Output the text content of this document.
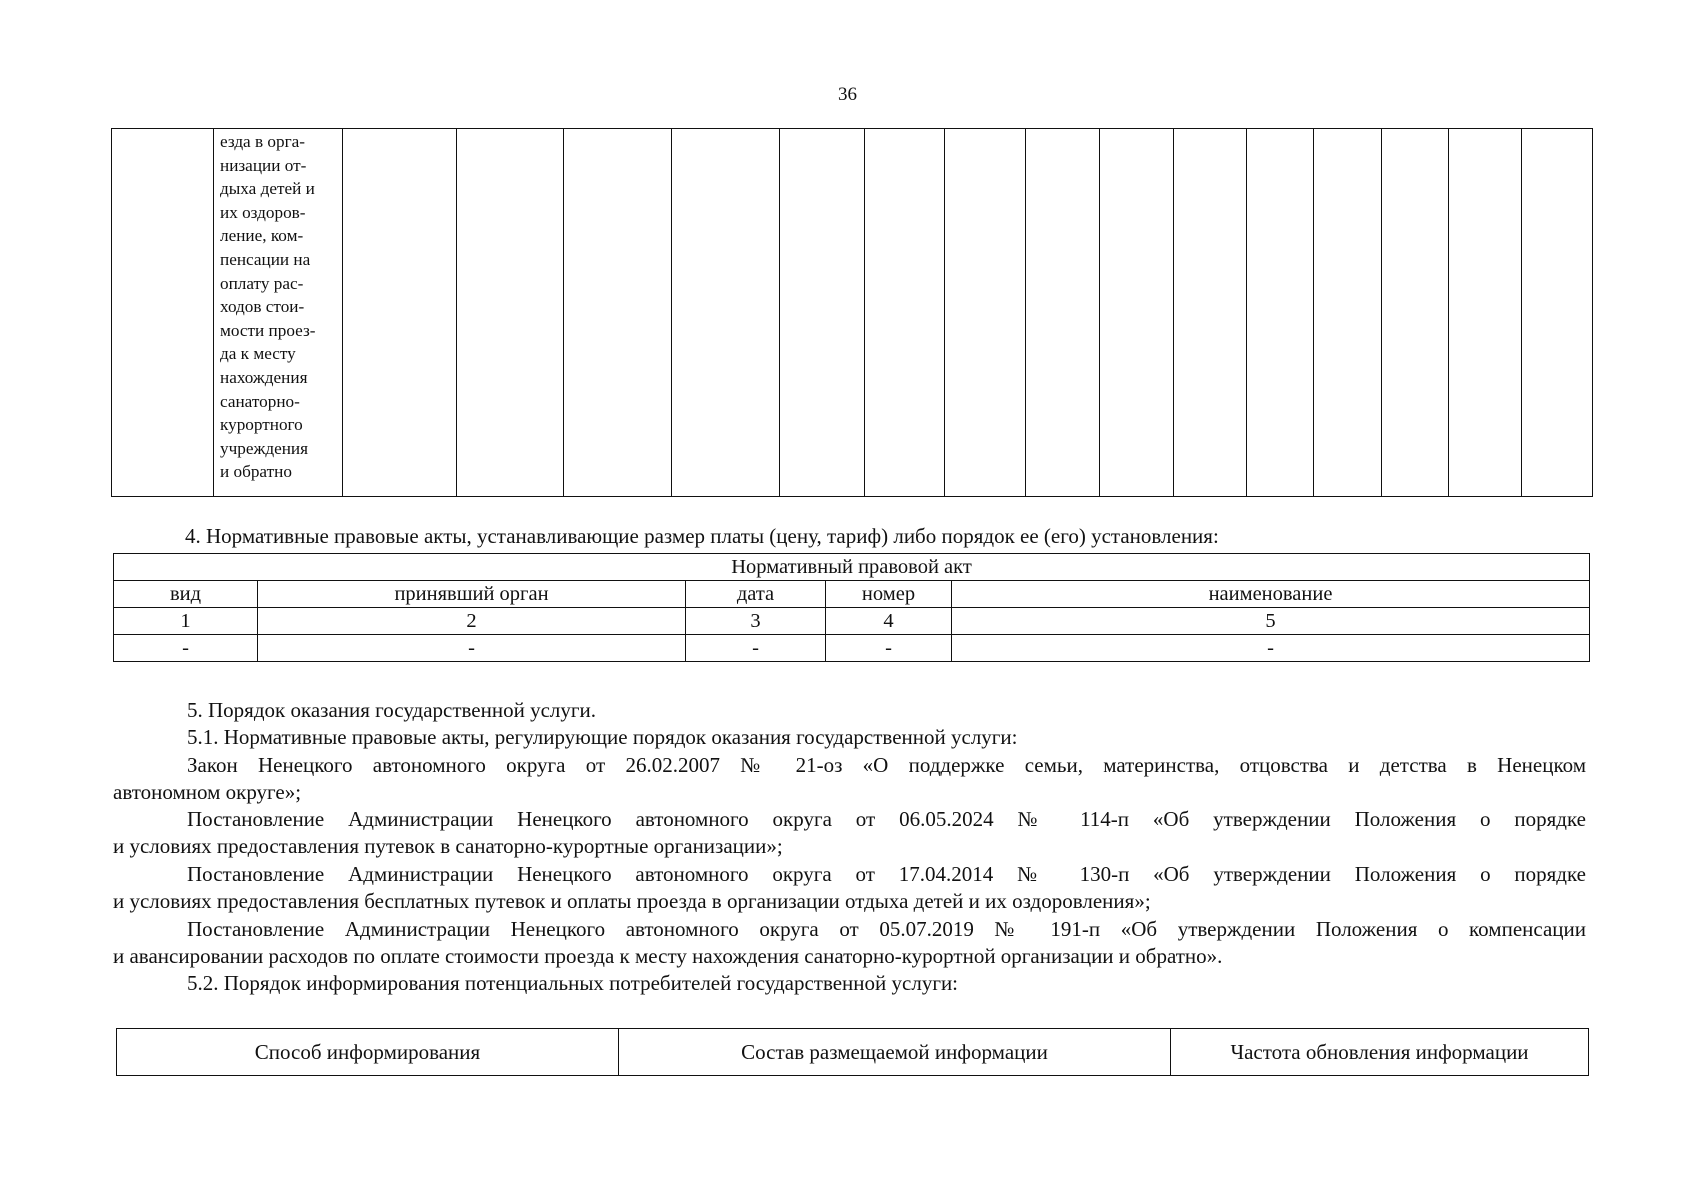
36

езда в орга-
низации от-
дыха детей и
их оздоров-
ление, ком-
пенсации на
оплату рас-
ходов стои-
мости проез-
да к месту
нахождения
санаторно-
курортного
учреждения
и обратно

4. Нормативные правовые акты, устанавливающие размер платы (цену, тариф) либо порядок ее (его) установления:
Нормативный правовой акт				
вид	принявший орган	дата	номер	наименование
1	2	3	4	5
-	-	-	-	-
5. Порядок оказания государственной услуги.
5.1. Нормативные правовые акты, регулирующие порядок оказания государственной услуги:
Закон Ненецкого автономного округа от 26.02.2007 № 21-оз «О поддержке семьи, материнства, отцовства и детства в Ненецком
автономном округе»;
Постановление Администрации Ненецкого автономного округа от 06.05.2024 № 114-п «Об утверждении Положения о порядке
и условиях предоставления путевок в санаторно-курортные организации»;
Постановление Администрации Ненецкого автономного округа от 17.04.2014 № 130-п «Об утверждении Положения о порядке
и условиях предоставления бесплатных путевок и оплаты проезда в организации отдыха детей и их оздоровления»;
Постановление Администрации Ненецкого автономного округа от 05.07.2019 № 191-п «Об утверждении Положения о компенсации
и авансировании расходов по оплате стоимости проезда к месту нахождения санаторно-курортной организации и обратно».
5.2. Порядок информирования потенциальных потребителей государственной услуги:
Способ информирования	Состав размещаемой информации	Частота обновления информации
